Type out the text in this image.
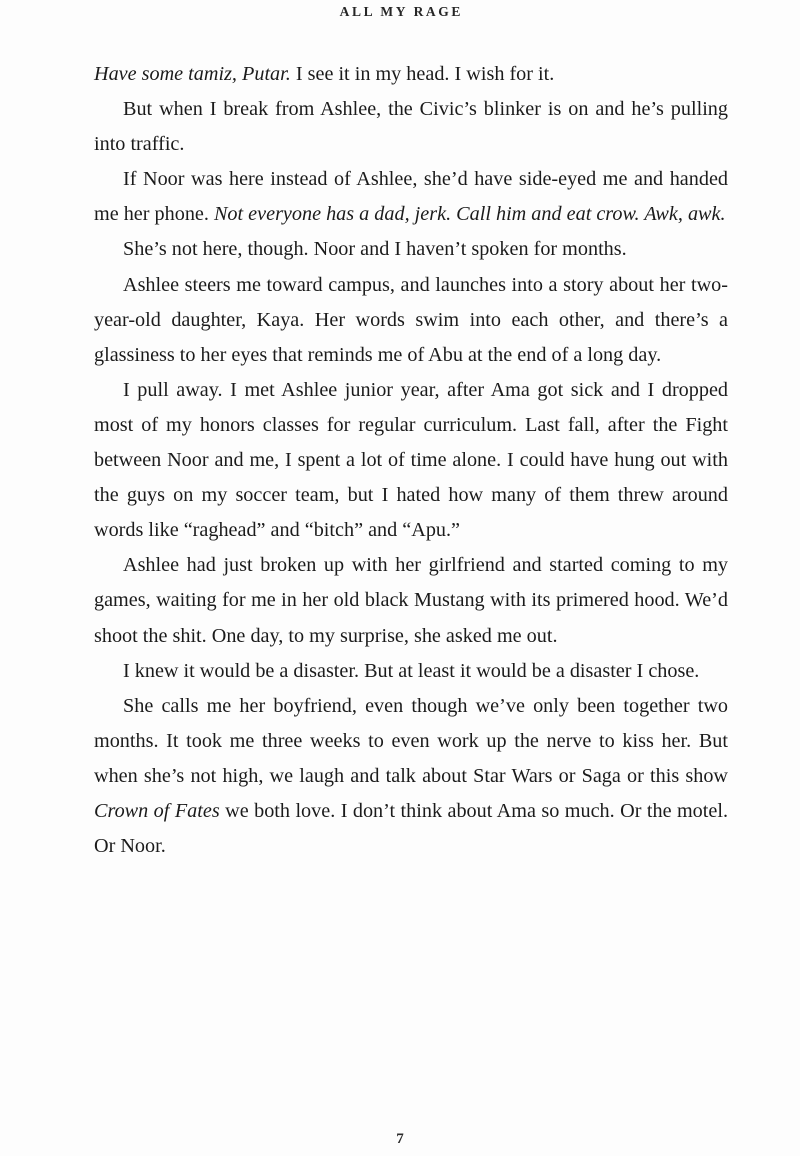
ALL MY RAGE

Have some tamiz, Putar. I see it in my head. I wish for it.

But when I break from Ashlee, the Civic’s blinker is on and he’s pulling into traffic.

If Noor was here instead of Ashlee, she’d have side-eyed me and handed me her phone. Not everyone has a dad, jerk. Call him and eat crow. Awk, awk.

She’s not here, though. Noor and I haven’t spoken for months.

Ashlee steers me toward campus, and launches into a story about her two-year-old daughter, Kaya. Her words swim into each other, and there’s a glassiness to her eyes that reminds me of Abu at the end of a long day.

I pull away. I met Ashlee junior year, after Ama got sick and I dropped most of my honors classes for regular curriculum. Last fall, after the Fight between Noor and me, I spent a lot of time alone. I could have hung out with the guys on my soccer team, but I hated how many of them threw around words like “raghead” and “bitch” and “Apu.”

Ashlee had just broken up with her girlfriend and started coming to my games, waiting for me in her old black Mustang with its primered hood. We’d shoot the shit. One day, to my surprise, she asked me out.

I knew it would be a disaster. But at least it would be a disaster I chose.

She calls me her boyfriend, even though we’ve only been together two months. It took me three weeks to even work up the nerve to kiss her. But when she’s not high, we laugh and talk about Star Wars or Saga or this show Crown of Fates we both love. I don’t think about Ama so much. Or the motel. Or Noor.

7
